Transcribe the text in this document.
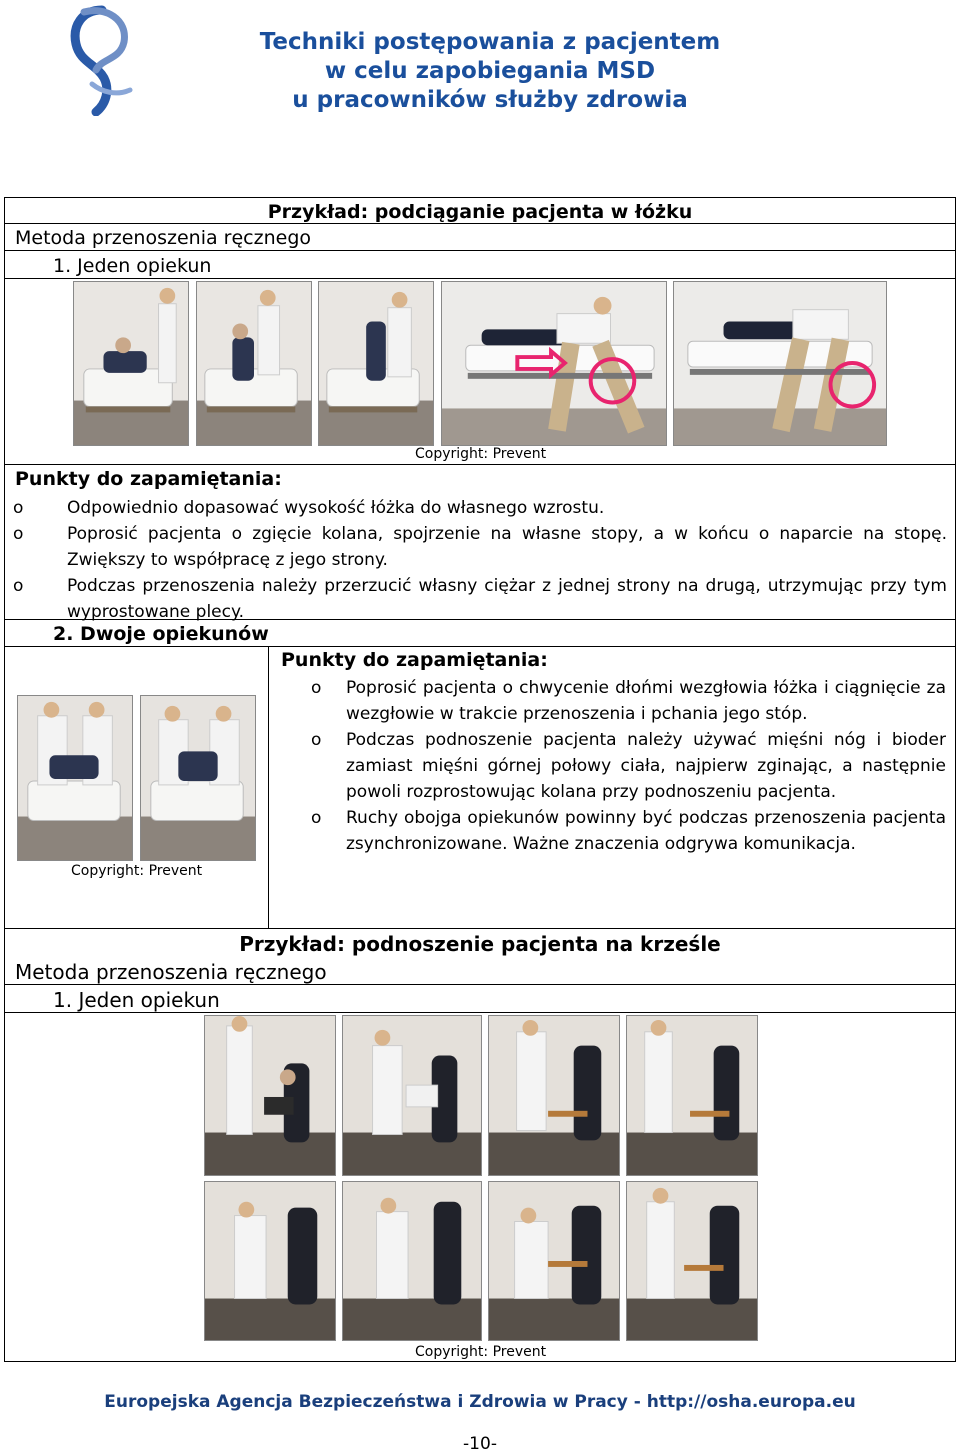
Techniki postępowania z pacjentem
w celu zapobiegania MSD
u pracowników służby zdrowia
Przykład: podciąganie pacjenta w łóżku
Metoda przenoszenia ręcznego
1. Jeden opiekun
Copyright: Prevent
Punkty do zapamiętania:
o	Odpowiednio dopasować wysokość łóżka do własnego wzrostu.
o	Poprosić pacjenta o zgięcie kolana, spojrzenie na własne stopy, a w końcu o naparcie na stopę. Zwiększy to współpracę z jego strony.
o	Podczas przenoszenia należy przerzucić własny ciężar z jednej strony na drugą, utrzymując przy tym wyprostowane plecy.
2. Dwoje opiekunów
Copyright: Prevent
Punkty do zapamiętania:
o Poprosić pacjenta o chwycenie dłońmi wezgłowia łóżka i ciągnięcie za wezgłowie w trakcie przenoszenia i pchania jego stóp.
o Podczas podnoszenie pacjenta należy używać mięśni nóg i bioder zamiast mięśni górnej połowy ciała, najpierw zginając, a następnie powoli rozprostowując kolana przy podnoszeniu pacjenta.
o Ruchy obojga opiekunów powinny być podczas przenoszenia pacjenta zsynchronizowane. Ważne znaczenia odgrywa komunikacja.
Przykład: podnoszenie pacjenta na krześle
Metoda przenoszenia ręcznego
1. Jeden opiekun
Copyright: Prevent
Europejska Agencja Bezpieczeństwa i Zdrowia w Pracy - http://osha.europa.eu
-10-
